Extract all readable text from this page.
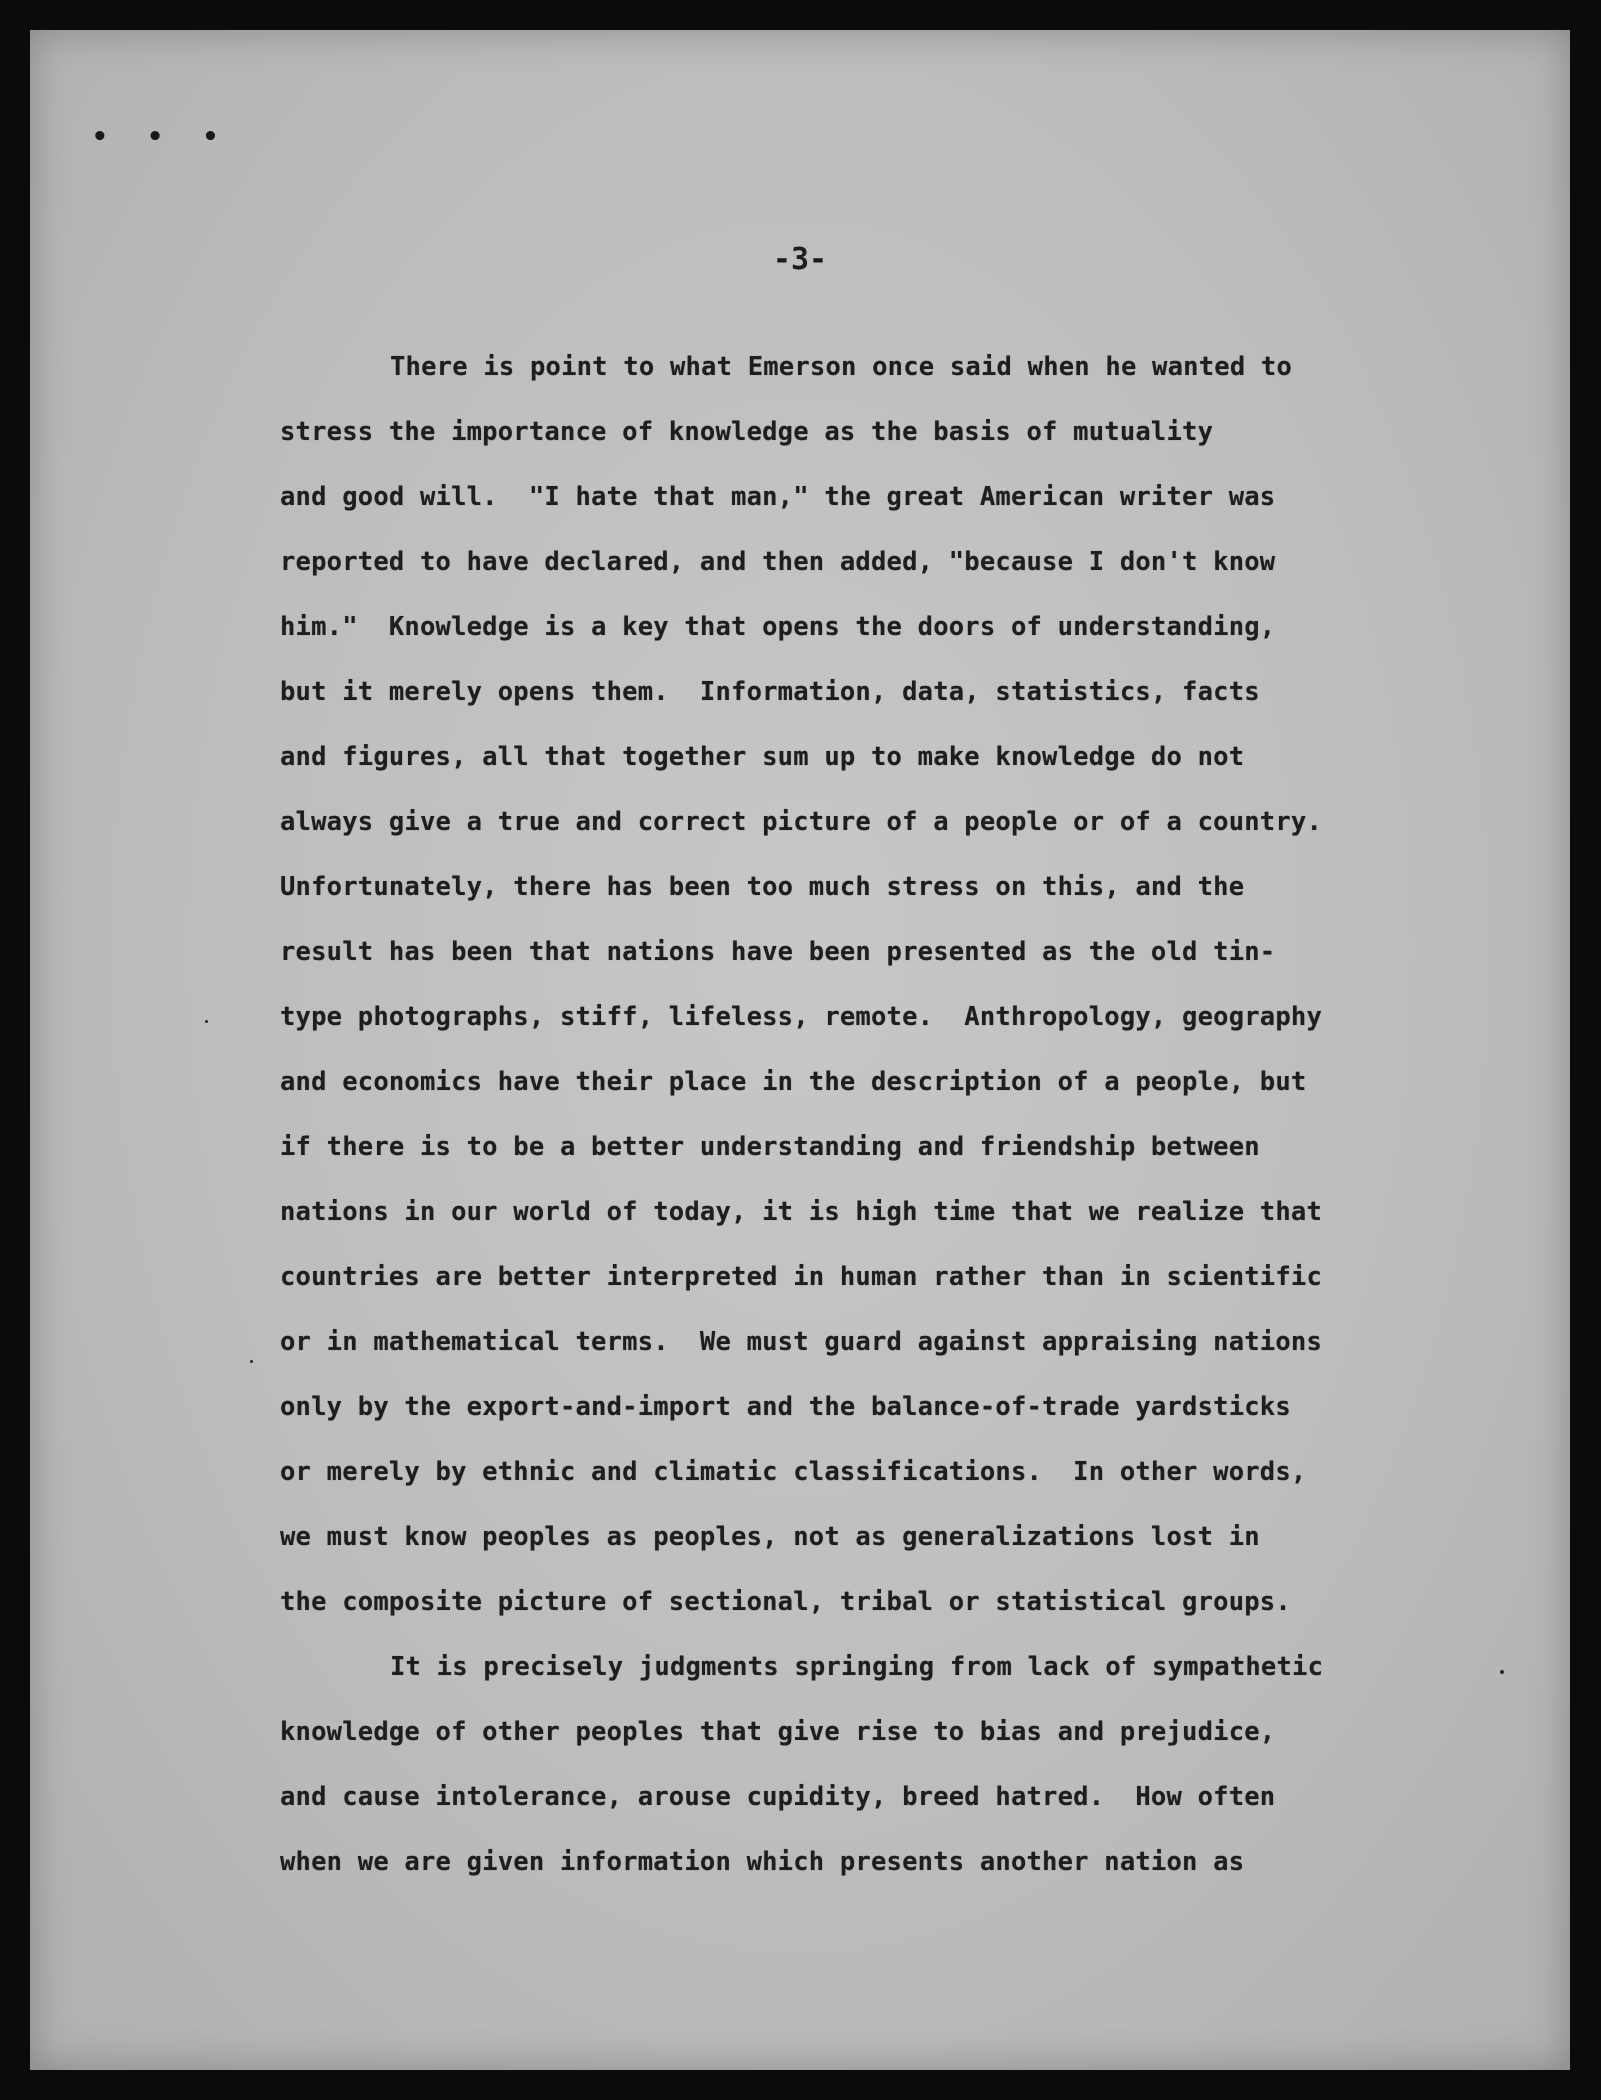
• • •
-3-
There is point to what Emerson once said when he wanted to
stress the importance of knowledge as the basis of mutuality
and good will.  "I hate that man," the great American writer was
reported to have declared, and then added, "because I don't know
him."  Knowledge is a key that opens the doors of understanding,
but it merely opens them.  Information, data, statistics, facts
and figures, all that together sum up to make knowledge do not
always give a true and correct picture of a people or of a country.
Unfortunately, there has been too much stress on this, and the
result has been that nations have been presented as the old tin-
type photographs, stiff, lifeless, remote.  Anthropology, geography
and economics have their place in the description of a people, but
if there is to be a better understanding and friendship between
nations in our world of today, it is high time that we realize that
countries are better interpreted in human rather than in scientific
or in mathematical terms.  We must guard against appraising nations
only by the export-and-import and the balance-of-trade yardsticks
or merely by ethnic and climatic classifications.  In other words,
we must know peoples as peoples, not as generalizations lost in
the composite picture of sectional, tribal or statistical groups.
It is precisely judgments springing from lack of sympathetic
knowledge of other peoples that give rise to bias and prejudice,
and cause intolerance, arouse cupidity, breed hatred.  How often
when we are given information which presents another nation as
